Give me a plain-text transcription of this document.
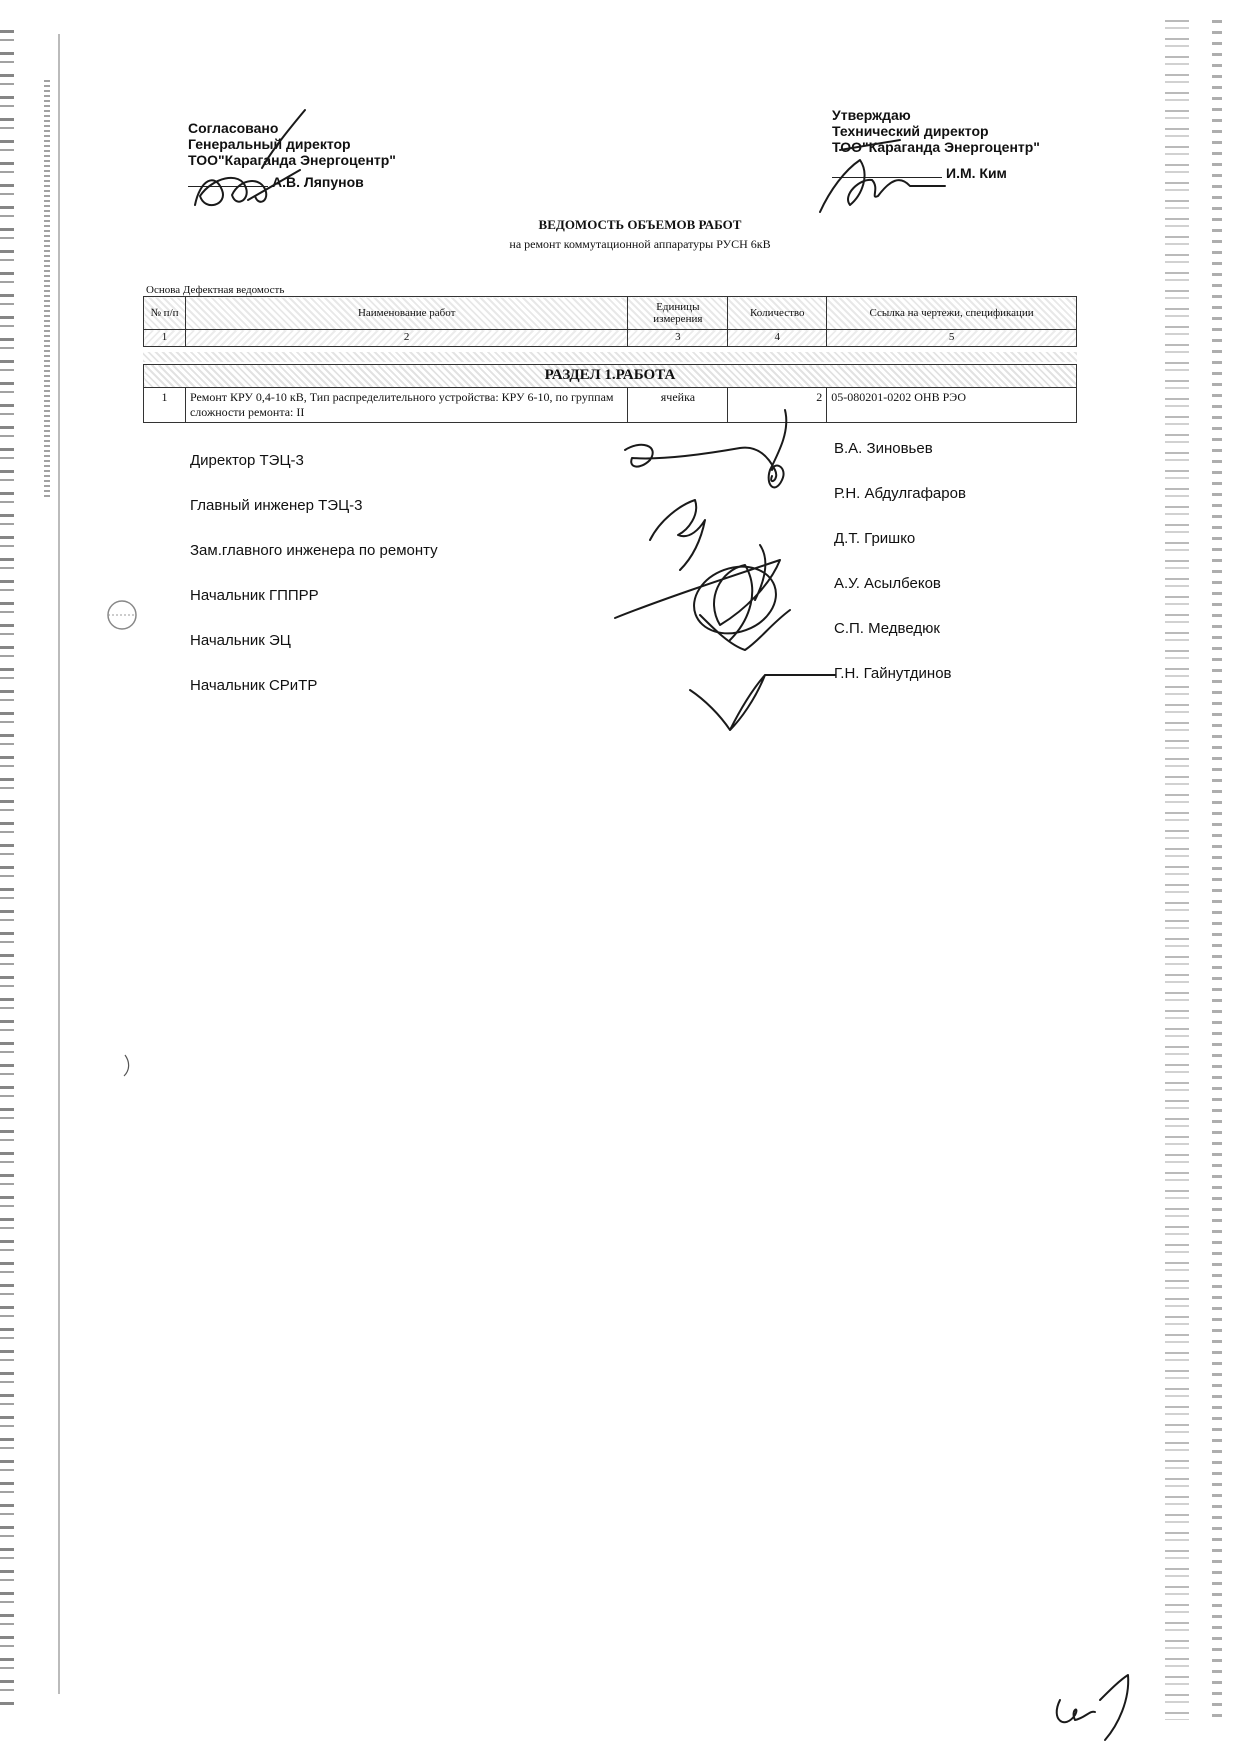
Согласовано
Генеральный директор
ТОО"Караганда Энергоцентр"
А.В. Ляпунов
Утверждаю
Технический директор
ТОО"Караганда Энергоцентр"
И.М. Ким
ВЕДОМОСТЬ ОБЪЕМОВ РАБОТ
на ремонт коммутационной аппаратуры РУСН 6кВ
Основа Дефектная ведомость
№ п/п	Наименование работ	Единицы измерения	Количество	Ссылка на чертежи, спецификации
1	2	3	4	5
РАЗДЕЛ 1.РАБОТА
1	Ремонт КРУ 0,4-10 кВ, Тип распределительного устройства: КРУ 6-10, по группам сложности ремонта: II	ячейка	2	05-080201-0202 ОНВ РЭО
Директор ТЭЦ-3
В.А. Зиновьев
Главный инженер ТЭЦ-3
Р.Н. Абдулгафаров
Зам.главного инженера по ремонту
Д.Т. Гришко
Начальник ГППРР
А.У. Асылбеков
Начальник ЭЦ
С.П. Медведюк
Начальник СРиТР
Г.Н. Гайнутдинов
